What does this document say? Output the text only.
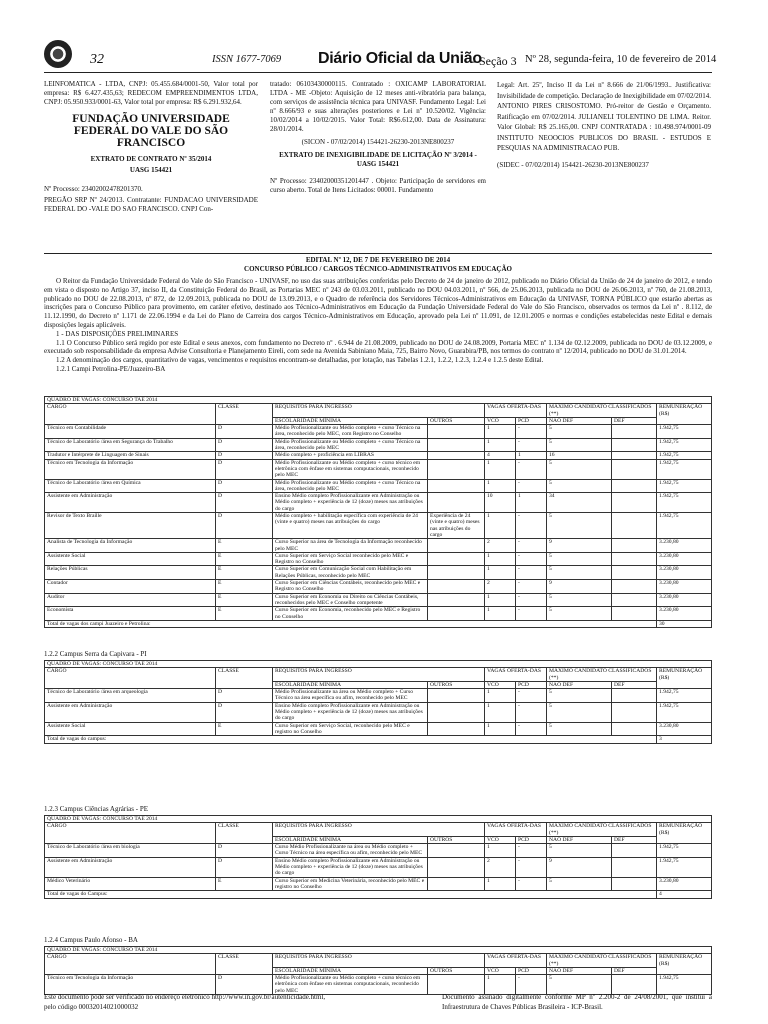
32	ISSN 1677-7069 Diário Oficial da União
- Seção 3 Nº 28, segunda-feira, 10 de fevereiro de 2014

LEINFOMATICA - LTDA, CNPJ: 05.455.684/0001-50, Valor total por empresa: R$ 6.427.435,63; REDECOM EMPREENDIMENTOS LTDA, CNPJ: 05.950.933/0001-63, Valor total por empresa: R$ 6.291.932,64.

FUNDAÇÃO UNIVERSIDADE FEDERAL DO VALE DO SÃO FRANCISCO

EXTRATO DE CONTRATO Nº 35/2014

UASG 154421

Nº Processo: 23402002478201370.

PREGÃO SRP Nº 24/2013. Contratante: FUNDACAO UNIVERSIDADE FEDERAL DO -VALE DO SAO FRANCISCO. CNPJ Con-

tratado: 06103430000115. Contratado : OXICAMP LABORATORIAL LTDA - ME -Objeto: Aquisição de 12 meses anti-vibratória para balança, com serviços de assistência técnica para UNIVASF. Fundamento Legal: Lei nº 8.666/93 e suas alterações posteriores e Lei nº 10.520/02. Vigência: 10/02/2014 a 10/02/2015. Valor Total: R$6.612,00. Data de Assinatura: 28/01/2014.

(SICON - 07/02/2014) 154421-26230-2013NE800237

EXTRATO DE INEXIGIBILIDADE DE LICITAÇÃO Nº 3/2014 - UASG 154421

Nº Processo: 23402000351201447 . Objeto: Participação de servidores em curso aberto. Total de Itens Licitados: 00001. Fundamento

Legal: Art. 25º, Inciso II da Lei nº 8.666 de 21/06/1993.. Justificativa: Invisibilidade de competição. Declaração de Inexigibilidade em 07/02/2014. ANTONIO PIRES CRISOSTOMO. Pró-reitor de Gestão e Orçamento. Ratificação em 07/02/2014. JULIANELI TOLENTINO DE LIMA. Reitor. Valor Global: R$ 25.165,00. CNPJ CONTRATADA : 10.498.974/0001-09 INSTITUTO NEOOCIOS PUBLICOS DO BRASIL - ESTUDOS E PESQUIAS NA ADMINISTRACAO PUB.

(SIDEC - 07/02/2014) 154421-26230-2013NE800237

EDITAL Nº 12, DE 7 DE FEVEREIRO DE 2014
CONCURSO PÚBLICO / CARGOS TÉCNICO-ADMINISTRATIVOS EM EDUCAÇÃO

O Reitor da Fundação Universidade Federal do Vale do São Francisco - UNIVASF, no uso das suas atribuições conferidas pelo Decreto de 24 de janeiro de 2012, publicado no Diário Oficial da União de 24 de janeiro de 2012, e tendo em vista o disposto no Artigo 37, inciso II, da Constituição Federal do Brasil, as Portarias MEC nº 243 de 03.03.2011, publicado no DOU 04.03.2011, nº 566, de 25.06.2013, publicada no DOU de 26.06.2013, nº 760, de 21.08.2013, publicado no DOU de 22.08.2013, nº 872, de 12.09.2013, publicada no DOU de 13.09.2013, e o Quadro de referência dos Servidores Técnicos-Administrativos em Educação da UNIVASF, TORNA PÚBLICO que estarão abertas as inscrições para o Concurso Público para provimento, em caráter efetivo, destinado aos Técnico-Administrativos em Educação da Fundação Universidade Federal do Vale do São Francisco, observados os termos da Lei nº . 8.112, de 11.12.1990, do Decreto nº 1.171 de 22.06.1994 e da Lei do Plano de Carreira dos cargos Técnico-Administrativos em Educação, aprovado pela Lei nº 11.091, de 12.01.2005 e normas e condições estabelecidas neste Edital e demais disposições legais aplicáveis.

1 - DAS DISPOSIÇÕES PRELIMINARES

1.1 O Concurso Público será regido por este Edital e seus anexos, com fundamento no Decreto nº . 6.944 de 21.08.2009, publicado no DOU de 24.08.2009, Portaria MEC nº 1.134 de 02.12.2009, publicada no DOU de 03.12.2009, e executado sob responsabilidade da empresa Advise Consultoria e Planejamento Eireli, com sede na Avenida Sabiniano Maia, 725, Bairro Novo, Guarabira/PB, nos termos do contrato nº 12/2014, publicado no DOU de 31.01.2014.

1.2 A denominação dos cargos, quantitativo de vagas, vencimentos e requisitos encontram-se detalhadas, por lotação, nas Tabelas 1.2.1, 1.2.2, 1.2.3, 1.2.4 e 1.2.5 deste Edital.

1.2.1 Campi Petrolina-PE/Juazeiro-BA

QUADRO DE VAGAS: CONCURSO TAE 2014								
CARGO	CLASSE	REQUISITOS PARA INGRESSO		VAGAS OFERTA-DAS		MÁXIMO CANDIDATO CLASSIFICADOS (**)		REMUNERAÇÃO (R$)
		ESCOLARIDADE MÍNIMA	OUTROS	VCO	PCD	NAO DEF	DEF	
Técnico em Contabilidade	D	Médio Profissionalizante ou Médio completo + curso Técnico na área, reconhecido pelo MEC, com Registro no Conselho		1	-	5		1.942,75
Técnico de Laboratório /área em Segurança do Trabalho	D	Médio Profissionalizante ou Médio completo + curso Técnico na área, reconhecido pelo MEC		1	-	5		1.942,75
Tradutor e Intérprete de Linguagem de Sinais	D	Médio completo + proficiência em LIBRAS		4	1	16		1.942,75
Técnico em Tecnologia da Informação	D	Médio Profissionalizante ou Médio completo + curso técnico em eletrônica com ênfase em sistemas computacionais, reconhecido pelo MEC		1	-	5		1.942,75
Técnico de Laboratório /área em Química	D	Médio Profissionalizante ou Médio completo + curso Técnico na área, reconhecido pelo MEC		1	-	5		1.942,75
Assistente em Administração	D	Ensino Médio completo Profissionalizante em Administração ou Médio completo + experiência de 12 (doze) meses nas atribuições do cargo		10	1	34		1.942,75
Revisor de Texto Braille	D	Médio completo + habilitação específica com experiência de 24 (vinte e quatro) meses nas atribuições do cargo	Experiência de 24 (vinte e quatro) meses nas atribuições do cargo	1	-	5		1.942,75
Analista de Tecnologia da Informação	E	Curso Superior na área de Tecnologia da Informação reconhecido pelo MEC		2	-	9		3.230,80
Assistente Social	E	Curso Superior em Serviço Social reconhecido pelo MEC e Registro no Conselho		1	-	5		3.230,80
Relações Públicas	E	Curso Superior em Comunicação Social com Habilitação em Relações Públicas, reconhecido pelo MEC		1	-	5		3.230,80
Contador	E	Curso Superior em Ciências Contábeis, reconhecido pelo MEC e Registro no Conselho		2	-	9		3.230,80
Auditor	E	Curso Superior em Economia ou Direito ou Ciências Contábeis, reconhecidos pelo MEC e Conselho competente		1	-	5		3.230,80
Economista	E	Curso Superior em Economia, reconhecido pelo MEC e Registro no Conselho		1	-	5		3.230,80
Total de vagas dos campi Juazeiro e Petrolina:								30
1.2.2 Campus Serra da Capivara - PI
QUADRO DE VAGAS: CONCURSO TAE 2014								
CARGO	CLASSE	REQUISITOS PARA INGRESSO		VAGAS OFERTA-DAS		MÁXIMO CANDIDATO CLASSIFICADOS (**)		REMUNERAÇÃO (R$)
		ESCOLARIDADE MÍNIMA	OUTROS	VCO	PCD	NAO DEF	DEF	
Técnico de Laboratório /área em arqueologia	D	Médio Profissionalizante na área ou Médio completo + Curso Técnico na área específica ou afim, reconhecido pelo MEC		1	-	5		1.942,75
Assistente em Administração	D	Ensino Médio completo Profissionalizante em Administração ou Médio completo + experiência de 12 (doze) meses nas atribuições do cargo		1	-	5		1.942,75
Assistente Social	E	Curso Superior em Serviço Social, reconhecido pelo MEC e registro no Conselho		1	-	5		3.230,80
Total de vagas do campus:								3
1.2.3 Campus Ciências Agrárias - PE
QUADRO DE VAGAS: CONCURSO TAE 2014								
CARGO	CLASSE	REQUISITOS PARA INGRESSO		VAGAS OFERTA-DAS		MÁXIMO CANDIDATO CLASSIFICADOS (**)		REMUNERAÇÃO (R$)
		ESCOLARIDADE MÍNIMA	OUTROS	VCO	PCD	NAO DEF	DEF	
Técnico de Laboratório /área em biologia	D	Curso Médio Profissionalizante na área ou Médio completo + Curso Técnico na área específica ou afim, reconhecido pelo MEC		1	-	5		1.942,75
Assistente em Administração	D	Ensino Médio completo Profissionalizante em Administração ou Médio completo + experiência de 12 (doze) meses nas atribuições do cargo		2	-	9		1.942,75
Médico Veterinário	E	Curso Superior em Medicina Veterinária, reconhecido pelo MEC e registro no Conselho		1	-	5		3.230,80
Total de vagas do Campus:								4
1.2.4 Campus Paulo Afonso - BA
QUADRO DE VAGAS: CONCURSO TAE 2014								
CARGO	CLASSE	REQUISITOS PARA INGRESSO		VAGAS OFERTA-DAS		MÁXIMO CANDIDATO CLASSIFICADOS (**)		REMUNERAÇÃO (R$)
		ESCOLARIDADE MÍNIMA	OUTROS	VCO	PCD	NAO DEF	DEF	
Técnico em Tecnologia da Informação	D	Médio Profissionalizante ou Médio completo + curso técnico em eletrônica com ênfase em sistemas computacionais, reconhecido pelo MEC		1	-	5		1.942,75
Este documento pode ser verificado no endereço eletrônico http://www.in.gov.br/autenticidade.html,
pelo código 00032014021000032
Documento assinado digitalmente conforme MP nº 2.200-2 de 24/08/2001, que institui a Infraestrutura de Chaves Públicas Brasileira - ICP-Brasil.
